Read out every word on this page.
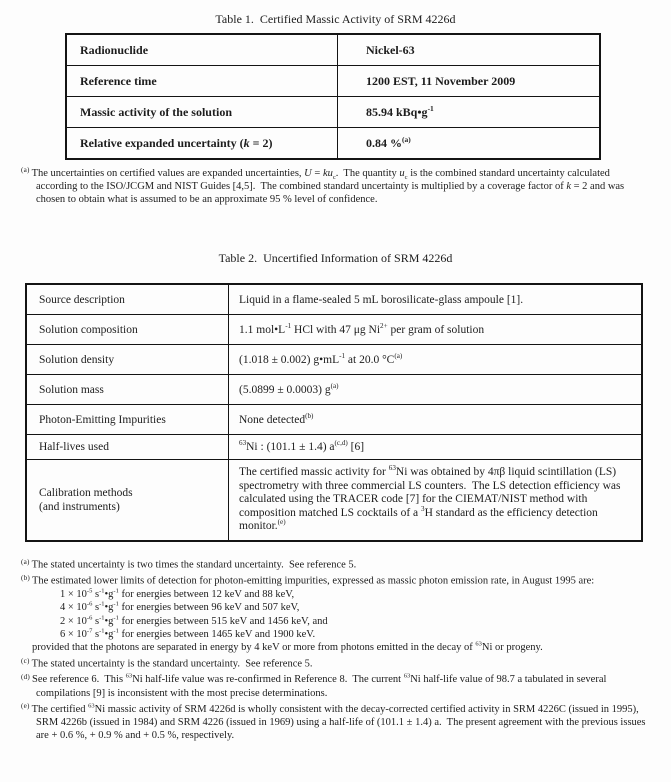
Table 1.  Certified Massic Activity of SRM 4226d
Radionuclide	Nickel-63
Reference time	1200 EST, 11 November 2009
Massic activity of the solution	85.94 $kBq•g^{-1}$
Relative expanded uncertainty (k = 2)	0.84 %$^{(a)}$
$^{(a)}$ The uncertainties on certified values are expanded uncertainties, $U = ku_c$.  The quantity $u_c$ is the combined standard uncertainty calculated according to the ISO/JCGM and NIST Guides [4,5].  The combined standard uncertainty is multiplied by a coverage factor of k = 2 and was chosen to obtain what is assumed to be an approximate 95 % level of confidence.
Table 2.  Uncertified Information of SRM 4226d
Source description	Liquid in a flame-sealed 5 mL borosilicate-glass ampoule [1].
Solution composition	1.1 $mol•L^{-1}$ HCl with 47 μg $Ni^{2+}$ per gram of solution
Solution density	(1.018 ± 0.002) $g•mL^{-1}$ at 20.0 $^\circ C^{(a)}$
Solution mass	(5.0899 ± 0.0003) $g^{(a)}$
Photon-Emitting Impurities	None detected$^{(b)}$
Half-lives used	$^{63}$Ni : (101.1 ± 1.4) $a^{(c,d)}$ [6]
Calibration methods
(and instruments)	The certified massic activity for $^{63}$Ni was obtained by 4πβ liquid scintillation (LS) spectrometry with three commercial LS counters.  The LS detection efficiency was calculated using the TRACER code [7] for the CIEMAT/NIST method with composition matched LS cocktails of a $^3$H standard as the efficiency detection monitor.$^{(e)}$
$^{(a)}$ The stated uncertainty is two times the standard uncertainty.  See reference 5.
$^{(b)}$ The estimated lower limits of detection for photon-emitting impurities, expressed as massic photon emission rate, in August 1995 are:
$1 \times 10^{-5}$ $s^{-1}•g^{-1}$ for energies between 12 keV and 88 keV,
$4 \times 10^{-6}$ $s^{-1}•g^{-1}$ for energies between 96 keV and 507 keV,
$2 \times 10^{-6}$ $s^{-1}•g^{-1}$ for energies between 515 keV and 1456 keV, and
$6 \times 10^{-7}$ $s^{-1}•g^{-1}$ for energies between 1465 keV and 1900 keV.
provided that the photons are separated in energy by 4 keV or more from photons emitted in the decay of $^{63}$Ni or progeny.
$^{(c)}$ The stated uncertainty is the standard uncertainty.  See reference 5.
$^{(d)}$ See reference 6.  This $^{63}$Ni half-life value was re-confirmed in Reference 8.  The current $^{63}$Ni half-life value of 98.7 a tabulated in several compilations [9] is inconsistent with the most precise determinations.
$^{(e)}$ The certified $^{63}$Ni massic activity of SRM 4226d is wholly consistent with the decay-corrected certified activity in SRM 4226C (issued in 1995), SRM 4226b (issued in 1984) and SRM 4226 (issued in 1969) using a half-life of (101.1 ± 1.4) a.  The present agreement with the previous issues are + 0.6 %, + 0.9 % and + 0.5 %, respectively.
